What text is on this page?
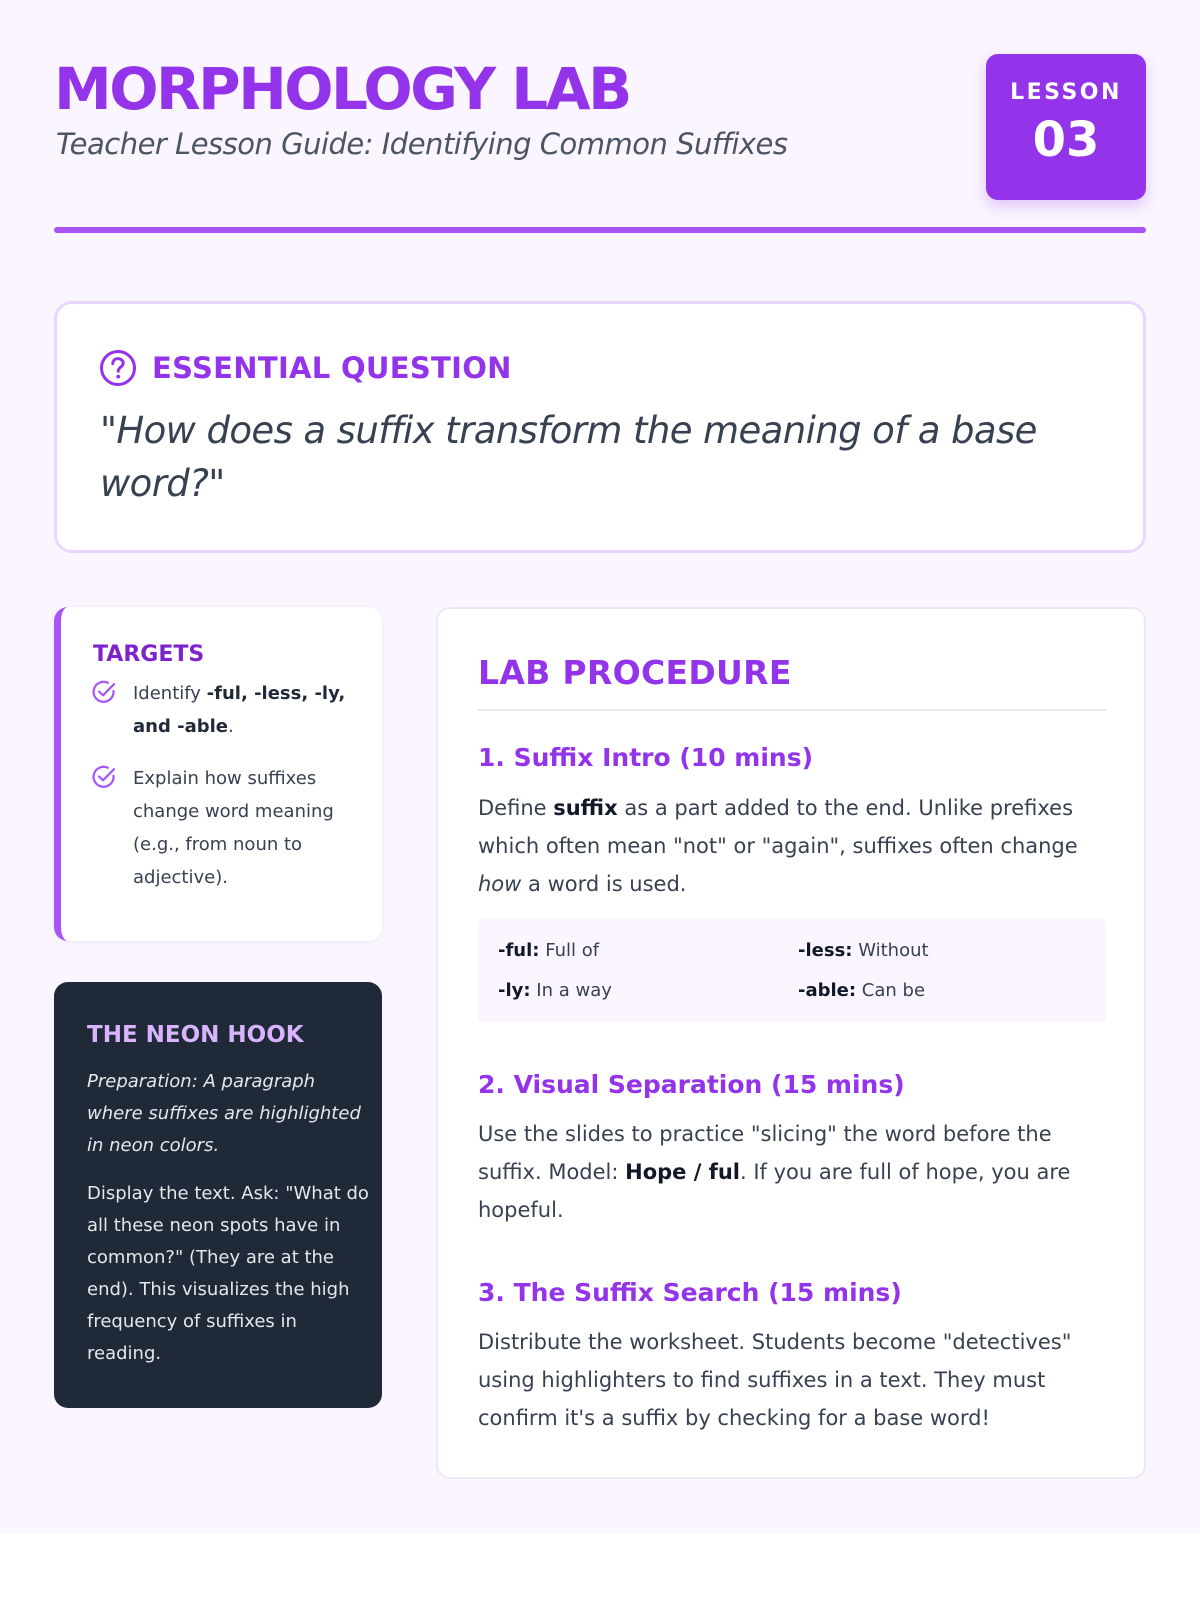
MORPHOLOGY LAB
Teacher Lesson Guide: Identifying Common Suffixes
LESSON
03
ESSENTIAL QUESTION
"How does a suffix transform the meaning of a base word?"
TARGETS
Identify -ful, -less, -ly, and -able.
Explain how suffixes change word meaning (e.g., from noun to adjective).
THE NEON HOOK
Preparation: A paragraph where suffixes are highlighted in neon colors.
Display the text. Ask: "What do all these neon spots have in common?" (They are at the end). This visualizes the high frequency of suffixes in reading.
LAB PROCEDURE
1. Suffix Intro (10 mins)
Define suffix as a part added to the end. Unlike prefixes which often mean "not" or "again", suffixes often change how a word is used.
-ful: Full of	-less: Without
-ly: In a way	-able: Can be
2. Visual Separation (15 mins)
Use the slides to practice "slicing" the word before the suffix. Model: Hope / ful. If you are full of hope, you are hopeful.
3. The Suffix Search (15 mins)
Distribute the worksheet. Students become "detectives" using highlighters to find suffixes in a text. They must confirm it's a suffix by checking for a base word!
